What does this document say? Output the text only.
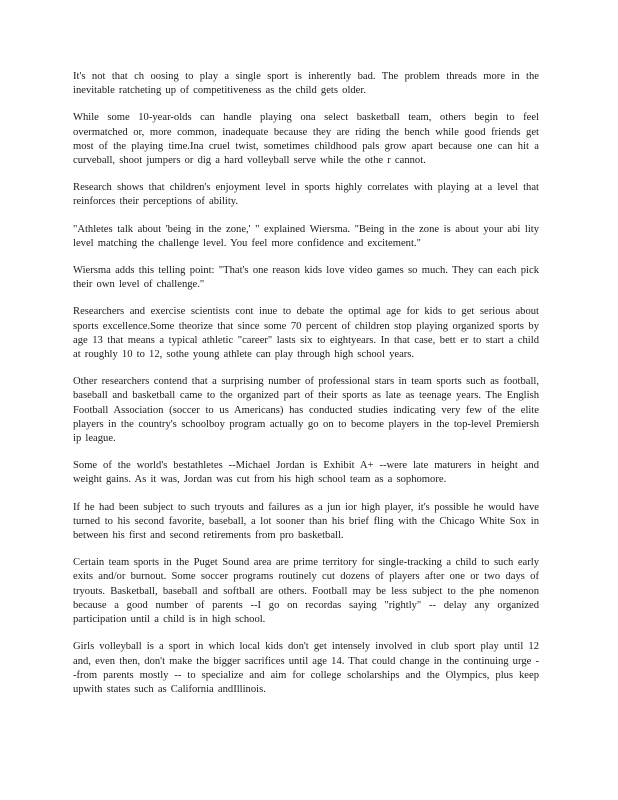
It's not that ch oosing to play a single sport is inherently bad. The problem threads more in the inevitable ratcheting up of competitiveness as the child gets older.

While some 10-year-olds can handle playing ona select basketball team, others begin to feel overmatched or, more common, inadequate because they are riding the bench while good friends get most of the playing time.Ina cruel twist, sometimes childhood pals grow apart because one can hit a curveball, shoot jumpers or dig a hard volleyball serve while the othe r cannot.

Research shows that children's enjoyment level in sports highly correlates with playing at a level that reinforces their perceptions of ability.

"Athletes talk about 'being in the zone,' " explained Wiersma. "Being in the zone is about your abi lity level matching the challenge level. You feel more confidence and excitement."

Wiersma adds this telling point: "That's one reason kids love video games so much. They can each pick their own level of challenge."

Researchers and exercise scientists cont inue to debate the optimal age for kids to get serious about sports excellence.Some theorize that since some 70 percent of children stop playing organized sports by age 13 that means a typical athletic "career" lasts six to eightyears. In that case, bett er to start a child at roughly 10 to 12, sothe young athlete can play through high school years.

Other researchers contend that a surprising number of professional stars in team sports such as football, baseball and basketball came to the organized part of their sports as late as teenage years. The English Football Association (soccer to us Americans) has conducted studies indicating very few of the elite players in the country's schoolboy program actually go on to become players in the top-level Premiersh ip league.

Some of the world's bestathletes --Michael Jordan is Exhibit A+ --were late maturers in height and weight gains. As it was, Jordan was cut from his high school team as a sophomore.

If he had been subject to such tryouts and failures as a jun ior high player, it's possible he would have turned to his second favorite, baseball, a lot sooner than his brief fling with the Chicago White Sox in between his first and second retirements from pro basketball.

Certain team sports in the Puget Sound area are prime territory for single-tracking a child to such early exits and/or burnout. Some soccer programs routinely cut dozens of players after one or two days of tryouts. Basketball, baseball and softball are others. Football may be less subject to the phe nomenon because a good number of parents --I go on recordas saying "rightly" -- delay any organized participation until a child is in high school.

Girls volleyball is a sport in which local kids don't get intensely involved in club sport play until 12 and, even then, don't make the bigger sacrifices until age 14. That could change in the continuing urge --from parents mostly -- to specialize and aim for college scholarships and the Olympics, plus keep upwith states such as California andIllinois.
